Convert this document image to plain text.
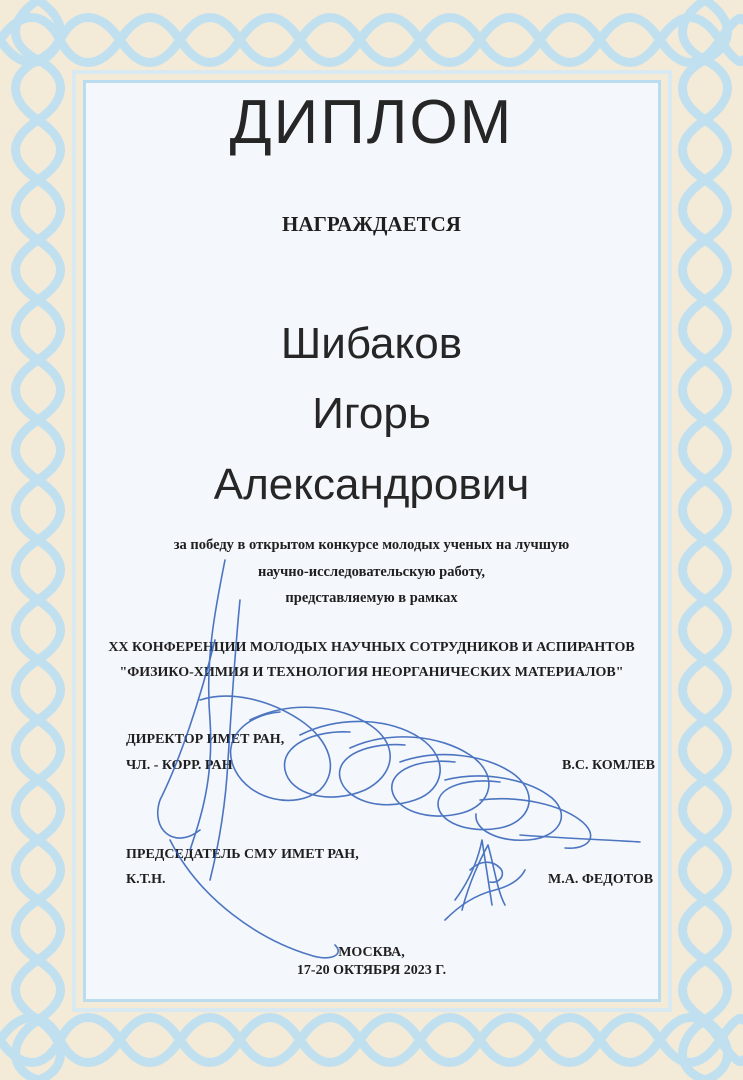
ДИПЛОМ
НАГРАЖДАЕТСЯ
Шибаков
Игорь
Александрович
за победу в открытом конкурсе молодых ученых на лучшую
научно-исследовательскую работу,
представляемую в рамках
XX КОНФЕРЕНЦИИ МОЛОДЫХ НАУЧНЫХ СОТРУДНИКОВ И АСПИРАНТОВ
"ФИЗИКО-ХИМИЯ И ТЕХНОЛОГИЯ НЕОРГАНИЧЕСКИХ МАТЕРИАЛОВ"
ДИРЕКТОР ИМЕТ РАН,
ЧЛ. - КОРР. РАН	В.С. КОМЛЕВ
ПРЕДСЕДАТЕЛЬ СМУ ИМЕТ РАН,
К.Т.Н.	М.А. ФЕДОТОВ
МОСКВА,
17-20 ОКТЯБРЯ 2023 Г.
